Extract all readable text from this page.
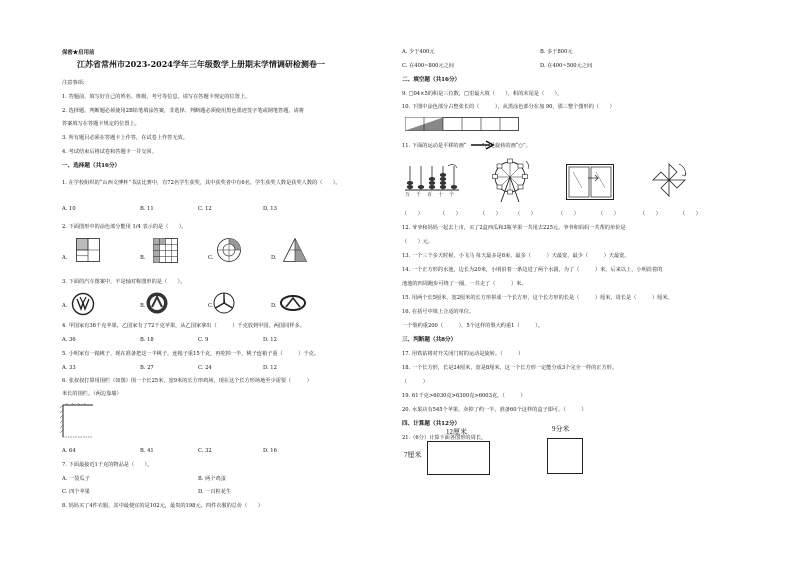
保密★启用前
江苏省常州市2023-2024学年三年级数学上册期末学情调研检测卷一
注意事项:
1. 答题前，填写好自己的姓名、班级、考号等信息，请写在答题卡规定的位置上。
2. 选择题、判断题必须使用2B铅笔填涂答案，非选择、判断题必须使用黑色墨迹签字笔或钢笔答题，请将
答案填写在答题卡规定的位置上。
3. 所有题目必须在答题卡上作答，在试卷上作答无效。
4. 考试结束后将试卷和答题卡一并交回。
一、选择题（共16分）
1. 在学校組织的“山西文博杯”书法比赛中，有72名学生获奖，其中获奖者中有6名，学生获奖人数是获奖人数的（　　）。
A. 10	B. 11	C. 12	D. 13
2. 下面图形中的涂色部分能用 1/4 表示的是（　　）。
A.	B.	C.	D.
3. 下面的汽车图案中，不是轴对称图形的是（　　）。
A.	B.	C.	D.
4. 甲国家有36千克苹果，乙国家有了72千克苹果，从乙国家拿出（　　　）千克放到甲国，两国同样多。
A. 36	B. 18	C. 9	D. 12
5. 小明家有一箱桃子，现在准备把这一半桃子，连箱子重15千克，再吃掉一半，桃子连箱子重（　　　）千克。
A. 33	B. 27	C. 24	D. 12
6. 张叔叔打算用围栏（如图）围一个长25米，宽9米的长方形鸡场，现在这个长方形场地至少需要（　　　）
米长的围栏。（两边靠墙）
A. 64	B. 41	C. 32	D. 16
7. 下面最接近1千克的物品是（　　）。
A. 一袋瓜子	B. 两个鸡蛋
C. 四个苹果	D. 一百粒花生
8. 妈妈买了4件衣服，其中最便宜的是102元，最贵的198元，四件衣服的总价（　　）
A. 少于400元	B. 多于800元
C. 在400~800元之间	D. 在400~500元之间
二、填空题（共16分）
9. □04×5的积是三位数，□里最大填（　　），积的末尾是（　　）。
10. 下图中涂色部分占整张长的（　　　），从黑涂色部分在加 90，那三整个图形的（　　）
11. 下面的运动是平移的画“　　　”，是旋转的画“○”。
万 千 百 十 个
（　　）	（　　）	（　　）	（　　）	（　　）	（　　）	（　　）	（　　）
12. 爷爷和妈妈一起去上市，买了2盒西瓜和3瓶苹果一共用去225元。爷爷和妈妈一共帮的单价是
（　　）元。
13. 一个三个多天时候，小飞马 每天最多是8束，最多（　　　）天最宽，最少（　　　）天最宽。
14. 一个正方形的水池，边长为20米，小明沿着一条边进了两个水圆，为了（　　　）米，后来以上，小明沿着的
池池的四周跑步可绕了一圈，一共走了（　　　）米。
15. 用两个长5厘米、宽2厘米的长方形拼成一个长方形，这个长方形的长是（　　　）厘米，周长是（　　　）厘米。
16. 在括号中填上合适的单位。
一个梨约重200（　　　），5个这样的梨大约重1（　　　）。
三、判断题（共8分）
17. 用铁钻将对开关闭门时的运动是旋转。（　　　）
18. 一个长方形，长是24厘米，宽是8厘米，这一个长方形一定能分成3个完全一样的正方形。
（　　　）
19. 61千克>6030克>6300克>6003克。（　　　）
20. 水果店有545个苹果，卖掉了约一半，准备60个这样的盒子即可。（　　　）
四、计算题（共12分）
21.（6分）计算下面各图形的周长。
12厘米
7厘米
9分米
